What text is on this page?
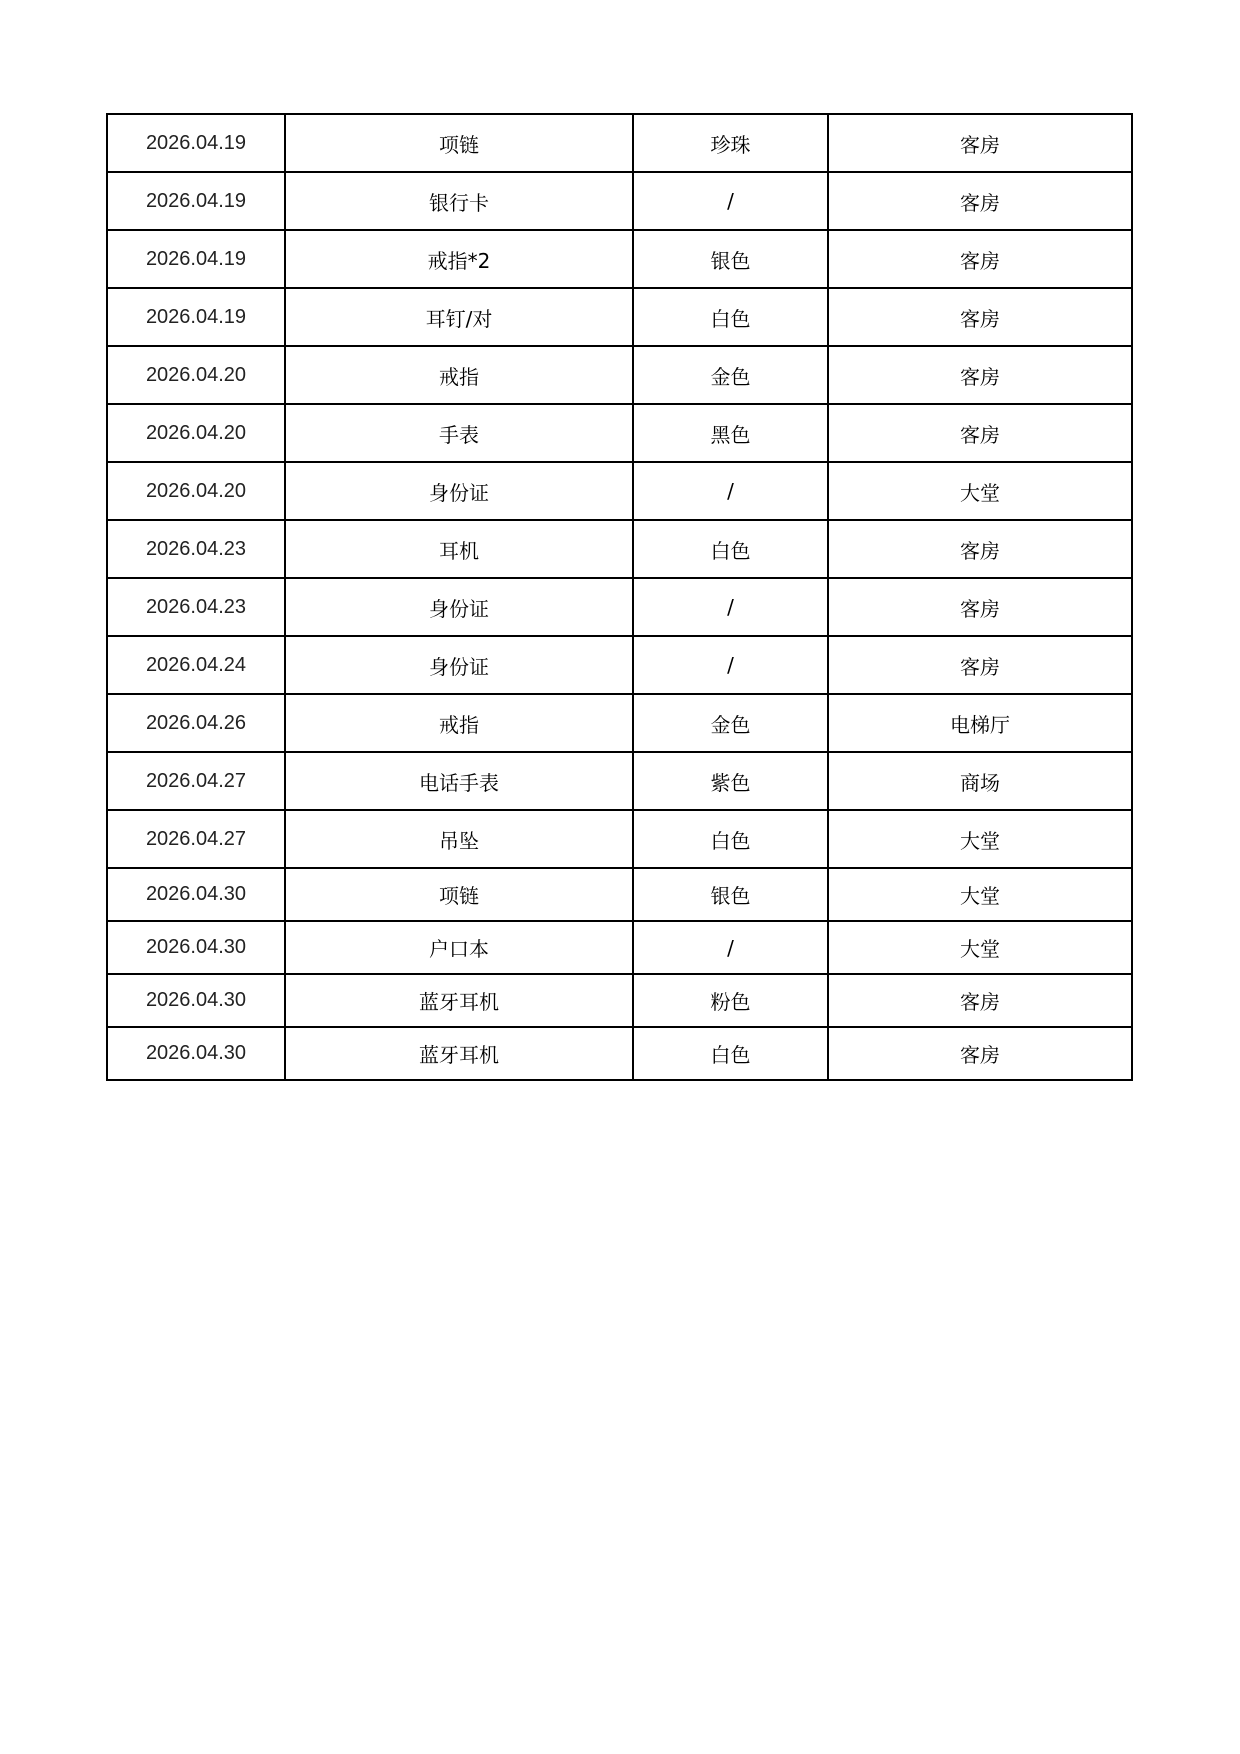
2026.04.19	项链	珍珠	客房
2026.04.19	银行卡	/	客房
2026.04.19	戒指*2	银色	客房
2026.04.19	耳钉/对	白色	客房
2026.04.20	戒指	金色	客房
2026.04.20	手表	黑色	客房
2026.04.20	身份证	/	大堂
2026.04.23	耳机	白色	客房
2026.04.23	身份证	/	客房
2026.04.24	身份证	/	客房
2026.04.26	戒指	金色	电梯厅
2026.04.27	电话手表	紫色	商场
2026.04.27	吊坠	白色	大堂
2026.04.30	项链	银色	大堂
2026.04.30	户口本	/	大堂
2026.04.30	蓝牙耳机	粉色	客房
2026.04.30	蓝牙耳机	白色	客房
